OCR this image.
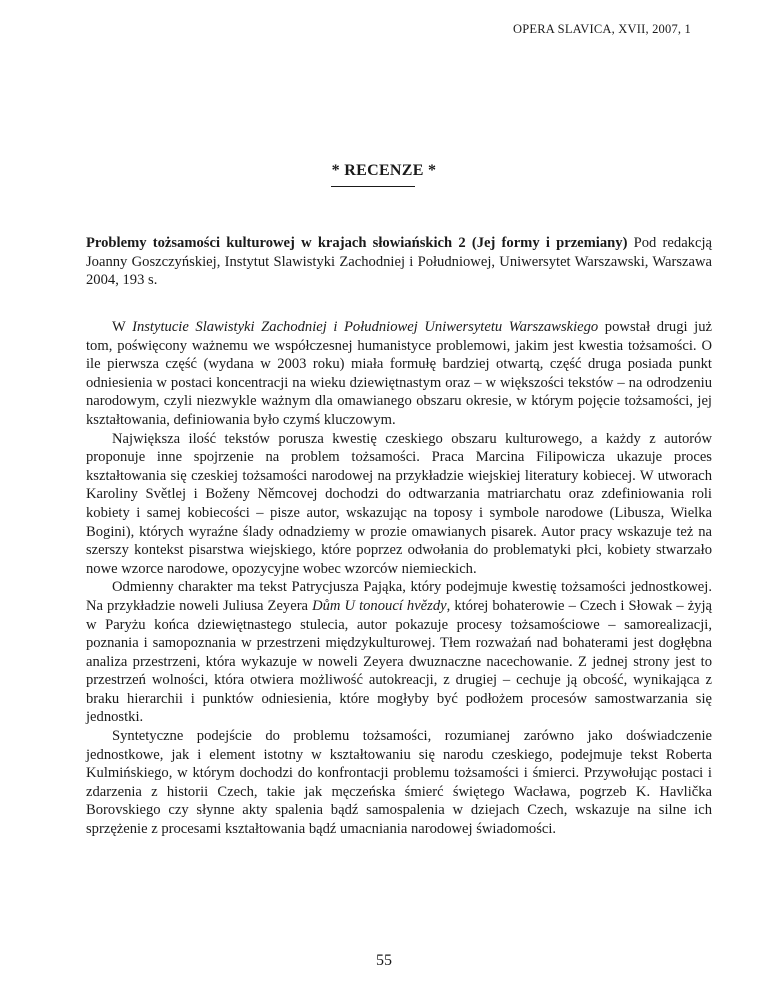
OPERA SLAVICA, XVII, 2007, 1
* RECENZE *
Problemy tożsamości kulturowej w krajach słowiańskich 2 (Jej formy i przemiany) Pod redakcją Joanny Goszczyńskiej, Instytut Slawistyki Zachodniej i Południowej, Uniwersytet Warszawski, Warszawa 2004, 193 s.

W Instytucie Slawistyki Zachodniej i Południowej Uniwersytetu Warszawskiego powstał drugi już tom, poświęcony ważnemu we współczesnej humanistyce problemowi, jakim jest kwestia tożsamości. O ile pierwsza część (wydana w 2003 roku) miała formułę bardziej otwartą, część druga posiada punkt odniesienia w postaci koncentracji na wieku dziewiętnastym oraz – w większości tekstów – na odrodzeniu narodowym, czyli niezwykle ważnym dla omawianego obszaru okresie, w którym pojęcie tożsamości, jej kształtowania, definiowania było czymś kluczowym.

Największa ilość tekstów porusza kwestię czeskiego obszaru kulturowego, a każdy z autorów proponuje inne spojrzenie na problem tożsamości. Praca Marcina Filipowicza ukazuje proces kształtowania się czeskiej tożsamości narodowej na przykładzie wiejskiej literatury kobiecej. W utworach Karoliny Světlej i Boženy Němcovej dochodzi do odtwarzania matriarchatu oraz zdefiniowania roli kobiety i samej kobiecości – pisze autor, wskazując na toposy i symbole narodowe (Libusza, Wielka Bogini), których wyraźne ślady odnadziemy w prozie omawianych pisarek. Autor pracy wskazuje też na szerszy kontekst pisarstwa wiejskiego, które poprzez odwołania do problematyki płci, kobiety stwarzało nowe wzorce narodowe, opozycyjne wobec wzorców niemieckich.

Odmienny charakter ma tekst Patrycjusza Pająka, który podejmuje kwestię tożsamości jednostkowej. Na przykładzie noweli Juliusa Zeyera Dům U tonoucí hvězdy, której bohaterowie – Czech i Słowak – żyją w Paryżu końca dziewiętnastego stulecia, autor pokazuje procesy tożsamościowe – samorealizacji, poznania i samopoznania w przestrzeni międzykulturowej. Tłem rozważań nad bohaterami jest dogłębna analiza przestrzeni, która wykazuje w noweli Zeyera dwuznaczne nacechowanie. Z jednej strony jest to przestrzeń wolności, która otwiera możliwość autokreacji, z drugiej – cechuje ją obcość, wynikająca z braku hierarchii i punktów odniesienia, które mogłyby być podłożem procesów samostwarzania się jednostki.

Syntetyczne podejście do problemu tożsamości, rozumianej zarówno jako doświadczenie jednostkowe, jak i element istotny w kształtowaniu się narodu czeskiego, podejmuje tekst Roberta Kulmińskiego, w którym dochodzi do konfrontacji problemu tożsamości i śmierci. Przywołując postaci i zdarzenia z historii Czech, takie jak męczeńska śmierć świętego Wacława, pogrzeb K. Havlička Borovskiego czy słynne akty spalenia bądź samospalenia w dziejach Czech, wskazuje na silne ich sprzężenie z procesami kształtowania bądź umacniania narodowej świadomości.

55
